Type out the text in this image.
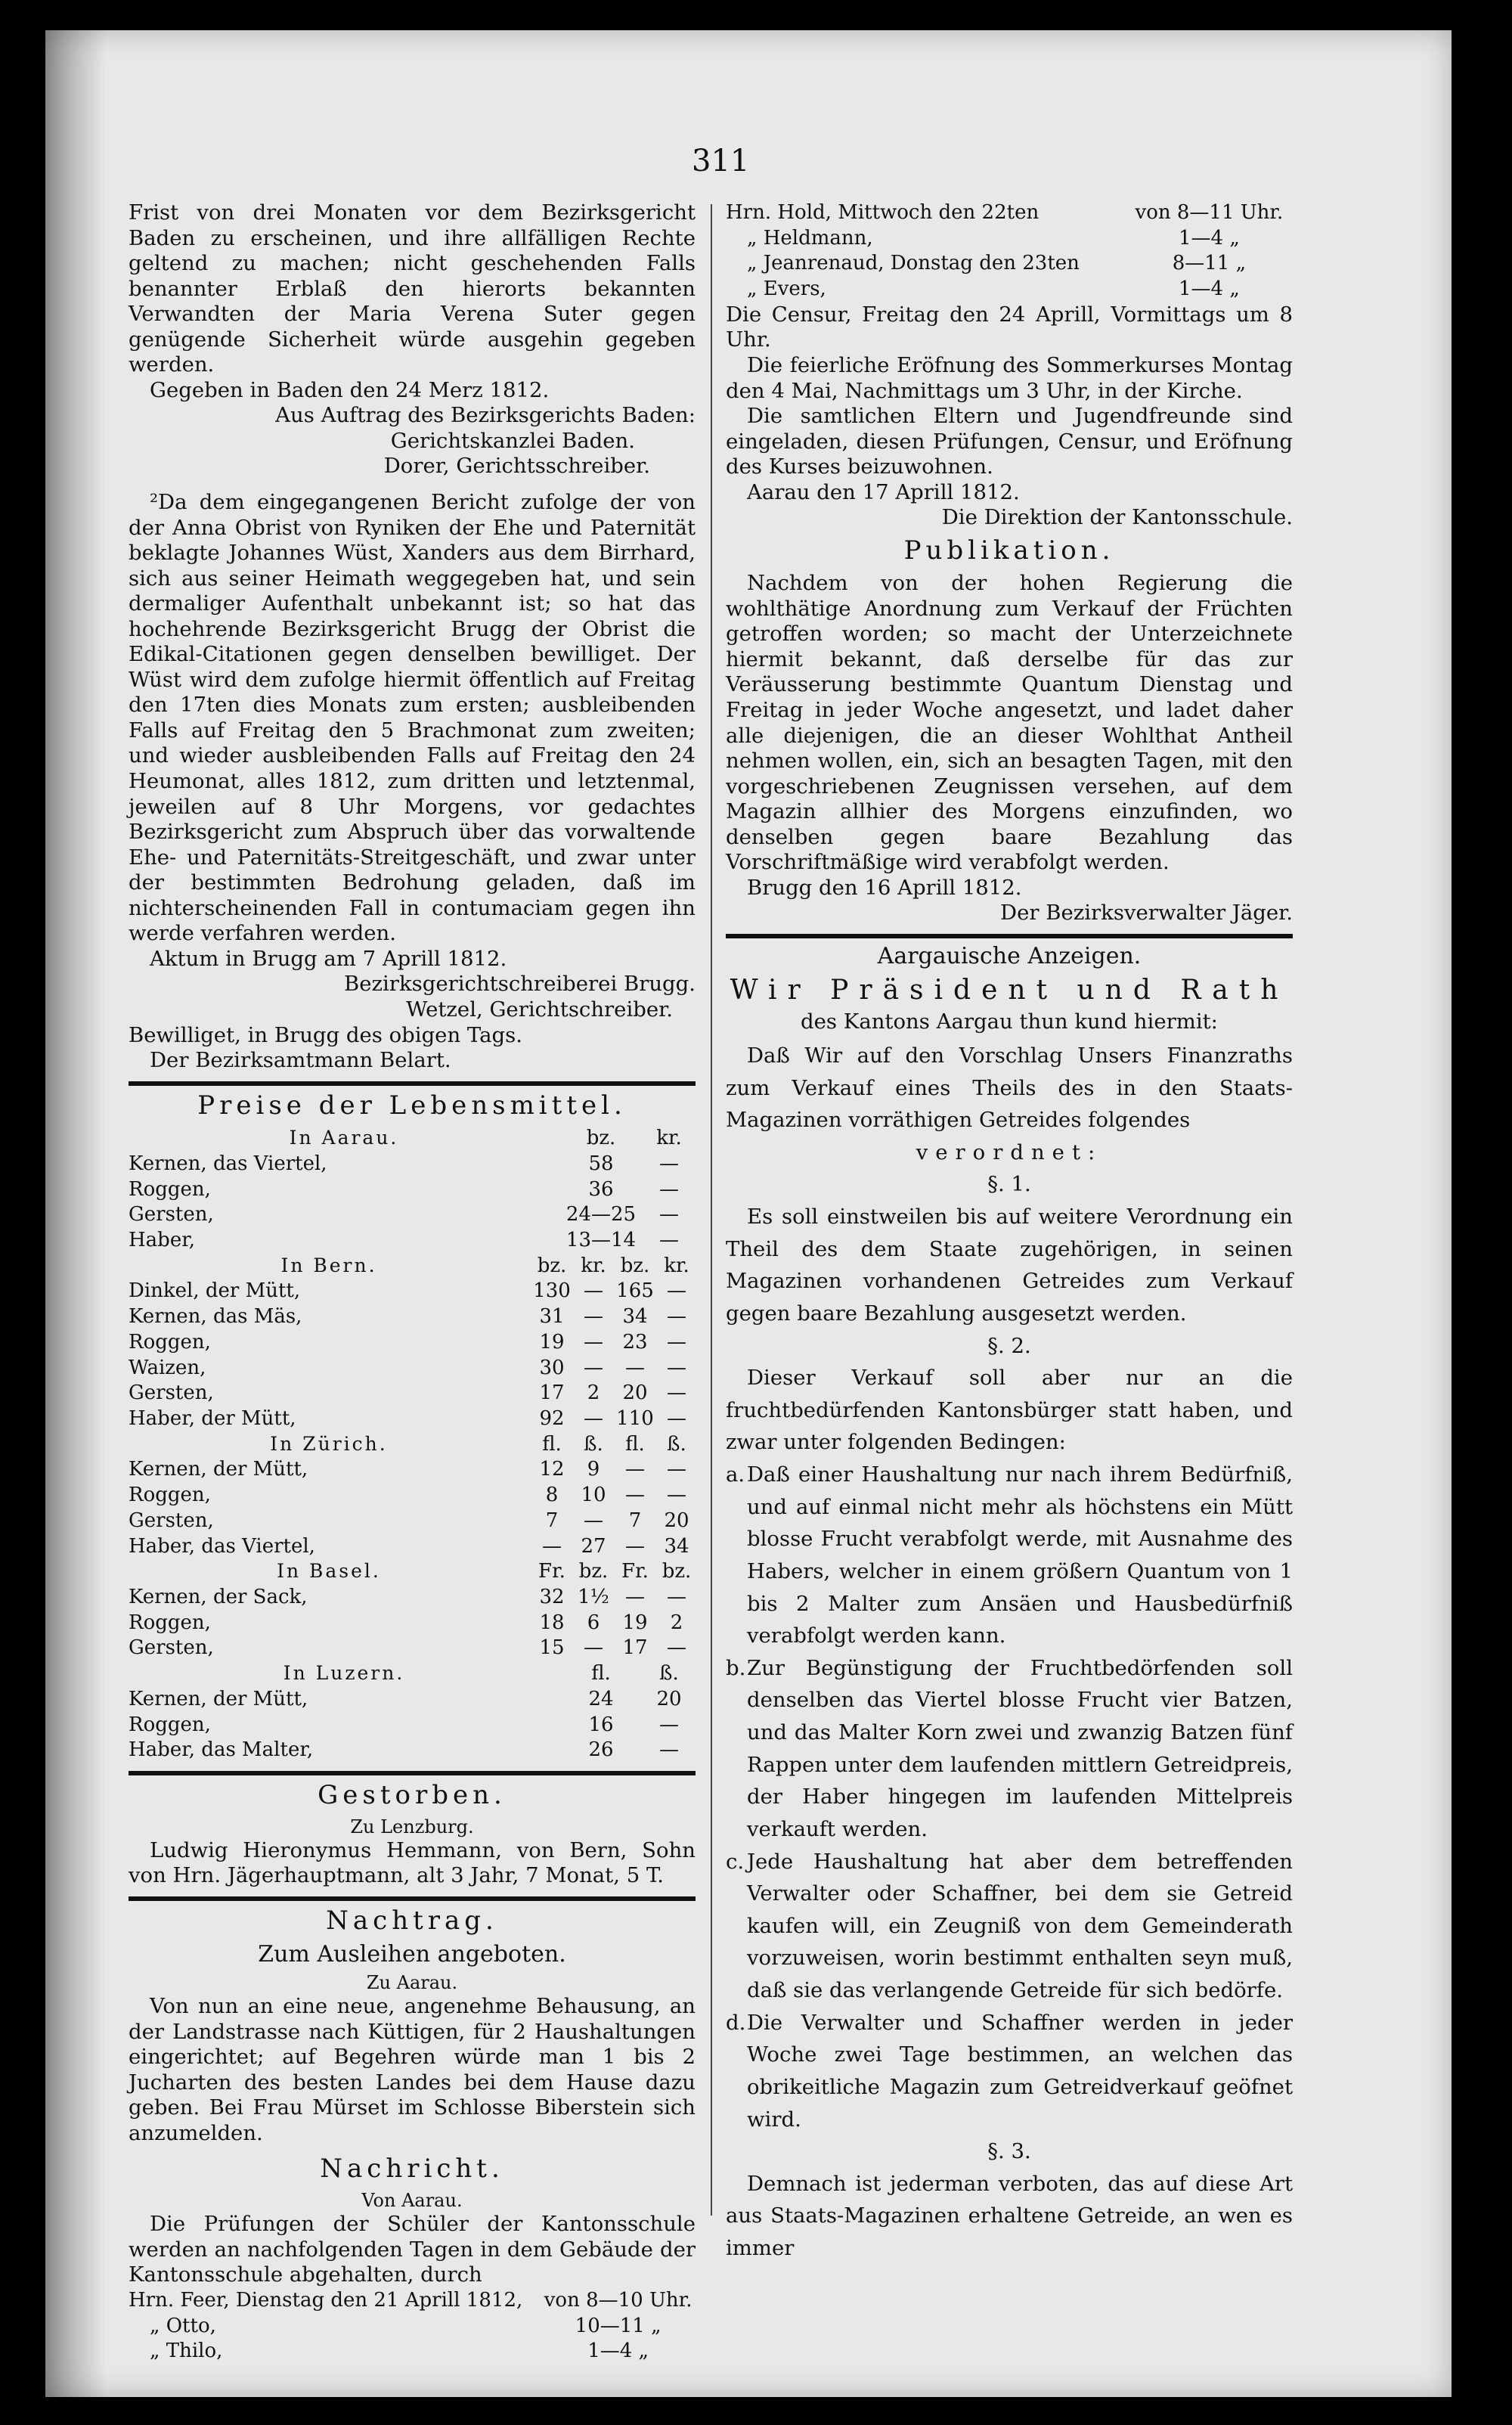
311

Frist von drei Monaten vor dem Bezirksgericht Baden zu erscheinen, und ihre allfälligen Rechte geltend zu machen; nicht geschehenden Falls benannter Erblaß den hierorts bekannten Verwandten der Maria Verena Suter gegen genügende Sicherheit würde ausgehin gegeben werden.

Gegeben in Baden den 24 Merz 1812.

Aus Auftrag des Bezirksgerichts Baden:

Gerichtskanzlei Baden.

Dorer, Gerichtsschreiber.

²Da dem eingegangenen Bericht zufolge der von der Anna Obrist von Ryniken der Ehe und Paternität beklagte Johannes Wüst, Xanders aus dem Birrhard, sich aus seiner Heimath weggegeben hat, und sein dermaliger Aufenthalt unbekannt ist; so hat das hochehrende Bezirksgericht Brugg der Obrist die Edikal-Citationen gegen denselben bewilliget. Der Wüst wird dem zufolge hiermit öffentlich auf Freitag den 17ten dies Monats zum ersten; ausbleibenden Falls auf Freitag den 5 Brachmonat zum zweiten; und wieder ausbleibenden Falls auf Freitag den 24 Heumonat, alles 1812, zum dritten und letztenmal, jeweilen auf 8 Uhr Morgens, vor gedachtes Bezirksgericht zum Abspruch über das vorwaltende Ehe- und Paternitäts-Streitgeschäft, und zwar unter der bestimmten Bedrohung geladen, daß im nichterscheinenden Fall in contumaciam gegen ihn werde verfahren werden.

Aktum in Brugg am 7 Aprill 1812.

Bezirksgerichtschreiberei Brugg.

Wetzel, Gerichtschreiber.

Bewilliget, in Brugg des obigen Tags.

Der Bezirksamtmann Belart.

Preise der Lebensmittel.
In Aarau.	bz.	kr.
Kernen, das Viertel,	58	—
Roggen,	36	—
Gersten,	24—25	—
Haber,	13—14	—
In Bern.	bz.	kr.	bz.	kr.
Dinkel, der Mütt,	130	—	165	—
Kernen, das Mäs,	31	—	34	—
Roggen,	19	—	23	—
Waizen,	30	—	—	—
Gersten,	17	2	20	—
Haber, der Mütt,	92	—	110	—
In Zürich.	fl.	ß.	fl.	ß.
Kernen, der Mütt,	12	9	—	—
Roggen,	8	10	—	—
Gersten,	7	—	7	20
Haber, das Viertel,	—	27	—	34
In Basel.	Fr.	bz.	Fr.	bz.
Kernen, der Sack,	32	1½	—	—
Roggen,	18	6	19	2
Gersten,	15	—	17	—
In Luzern.	fl.	ß.
Kernen, der Mütt,	24	20
Roggen,	16	—
Haber, das Malter,	26	—
Gestorben.

Zu Lenzburg.

Ludwig Hieronymus Hemmann, von Bern, Sohn von Hrn. Jägerhauptmann, alt 3 Jahr, 7 Monat, 5 T.

Nachtrag.
Zum Ausleihen angeboten.

Zu Aarau.

Von nun an eine neue, angenehme Behausung, an der Landstrasse nach Küttigen, für 2 Haushaltungen eingerichtet; auf Begehren würde man 1 bis 2 Jucharten des besten Landes bei dem Hause dazu geben. Bei Frau Mürset im Schlosse Biberstein sich anzumelden.

Nachricht.

Von Aarau.

Die Prüfungen der Schüler der Kantonsschule werden an nachfolgenden Tagen in dem Gebäude der Kantonsschule abgehalten, durch

Hrn. Feer, Dienstag den 21 Aprill 1812,	von 8—10 Uhr.
„ Otto,	10—11 „
„ Thilo,	1—4 „
Hrn. Hold, Mittwoch den 22ten	von 8—11 Uhr.
„ Heldmann,	1—4 „
„ Jeanrenaud, Donstag den 23ten	8—11 „
„ Evers,	1—4 „

Die Censur, Freitag den 24 Aprill, Vormittags um 8 Uhr.

Die feierliche Eröfnung des Sommerkurses Montag den 4 Mai, Nachmittags um 3 Uhr, in der Kirche.

Die samtlichen Eltern und Jugendfreunde sind eingeladen, diesen Prüfungen, Censur, und Eröfnung des Kurses beizuwohnen.

Aarau den 17 Aprill 1812.

Die Direktion der Kantonsschule.

Publikation.

Nachdem von der hohen Regierung die wohlthätige Anordnung zum Verkauf der Früchten getroffen worden; so macht der Unterzeichnete hiermit bekannt, daß derselbe für das zur Veräusserung bestimmte Quantum Dienstag und Freitag in jeder Woche angesetzt, und ladet daher alle diejenigen, die an dieser Wohlthat Antheil nehmen wollen, ein, sich an besagten Tagen, mit den vorgeschriebenen Zeugnissen versehen, auf dem Magazin allhier des Morgens einzufinden, wo denselben gegen baare Bezahlung das Vorschriftmäßige wird verabfolgt werden.

Brugg den 16 Aprill 1812.

Der Bezirksverwalter Jäger.

Aargauische Anzeigen.
Wir Präsident und Rath

des Kantons Aargau thun kund hiermit:

Daß Wir auf den Vorschlag Unsers Finanzraths zum Verkauf eines Theils des in den Staats-Magazinen vorräthigen Getreides folgendes

verordnet:

§. 1.

Es soll einstweilen bis auf weitere Verordnung ein Theil des dem Staate zugehörigen, in seinen Magazinen vorhandenen Getreides zum Verkauf gegen baare Bezahlung ausgesetzt werden.

§. 2.

Dieser Verkauf soll aber nur an die fruchtbedürfenden Kantonsbürger statt haben, und zwar unter folgenden Bedingen:

a. Daß einer Haushaltung nur nach ihrem Bedürfniß, und auf einmal nicht mehr als höchstens ein Mütt blosse Frucht verabfolgt werde, mit Ausnahme des Habers, welcher in einem größern Quantum von 1 bis 2 Malter zum Ansäen und Hausbedürfniß verabfolgt werden kann.

b. Zur Begünstigung der Fruchtbedörfenden soll denselben das Viertel blosse Frucht vier Batzen, und das Malter Korn zwei und zwanzig Batzen fünf Rappen unter dem laufenden mittlern Getreidpreis, der Haber hingegen im laufenden Mittelpreis verkauft werden.

c. Jede Haushaltung hat aber dem betreffenden Verwalter oder Schaffner, bei dem sie Getreid kaufen will, ein Zeugniß von dem Gemeinderath vorzuweisen, worin bestimmt enthalten seyn muß, daß sie das verlangende Getreide für sich bedörfe.

d. Die Verwalter und Schaffner werden in jeder Woche zwei Tage bestimmen, an welchen das obrikeitliche Magazin zum Getreidverkauf geöfnet wird.

§. 3.

Demnach ist jederman verboten, das auf diese Art aus Staats-Magazinen erhaltene Getreide, an wen es immer
